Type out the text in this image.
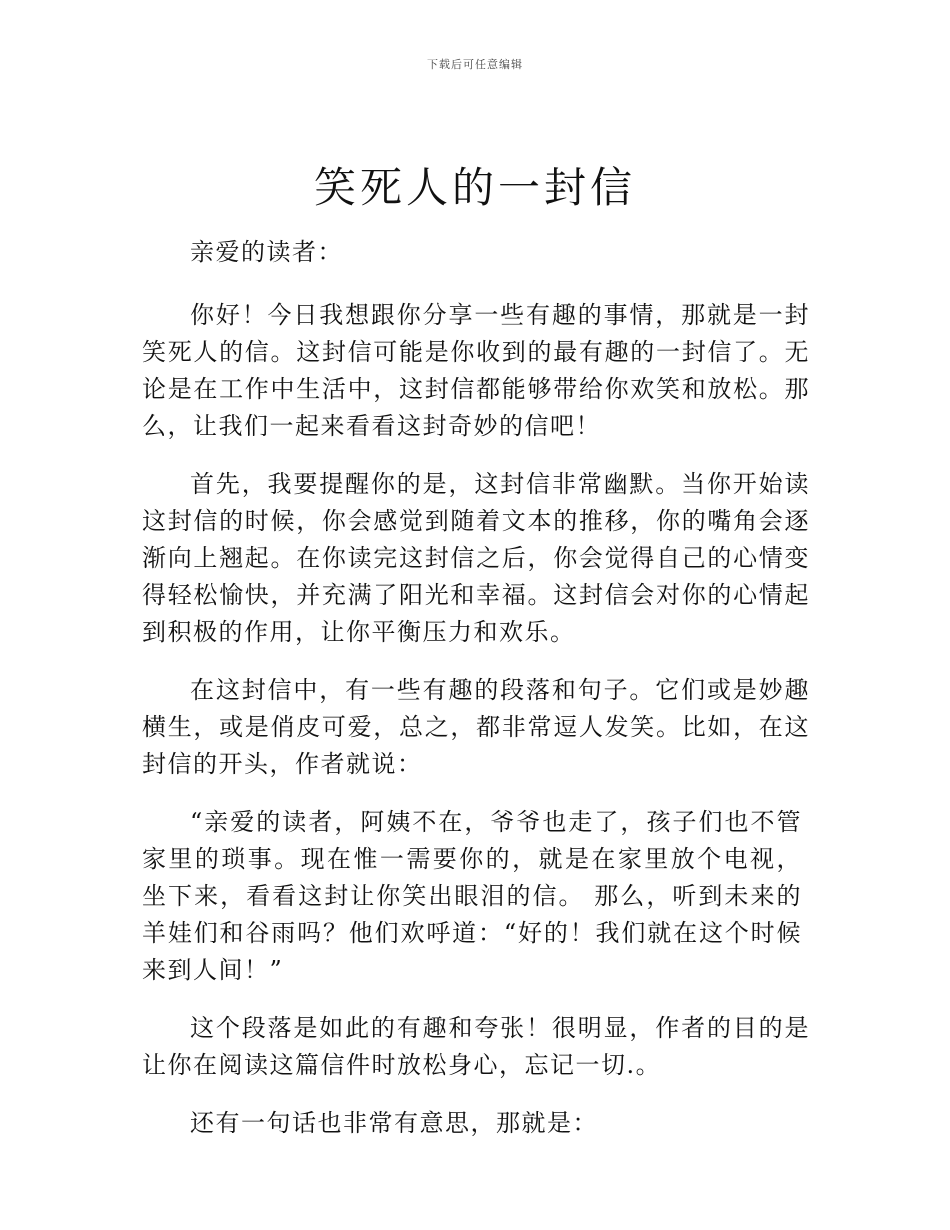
下载后可任意编辑
笑死人的一封信

亲爱的读者：

你好！今日我想跟你分享一些有趣的事情，那就是一封笑死人的信。这封信可能是你收到的最有趣的一封信了。无论是在工作中生活中，这封信都能够带给你欢笑和放松。那么，让我们一起来看看这封奇妙的信吧！

首先，我要提醒你的是，这封信非常幽默。当你开始读这封信的时候，你会感觉到随着文本的推移，你的嘴角会逐渐向上翘起。在你读完这封信之后，你会觉得自己的心情变得轻松愉快，并充满了阳光和幸福。这封信会对你的心情起到积极的作用，让你平衡压力和欢乐。

在这封信中，有一些有趣的段落和句子。它们或是妙趣横生，或是俏皮可爱，总之，都非常逗人发笑。比如，在这封信的开头，作者就说：

“亲爱的读者，阿姨不在，爷爷也走了，孩子们也不管家里的琐事。现在惟一需要你的，就是在家里放个电视，坐下来，看看这封让你笑出眼泪的信。 那么，听到未来的羊娃们和谷雨吗？他们欢呼道：“好的！我们就在这个时候来到人间！”

这个段落是如此的有趣和夸张！很明显，作者的目的是让你在阅读这篇信件时放松身心，忘记一切.。

还有一句话也非常有意思，那就是：
